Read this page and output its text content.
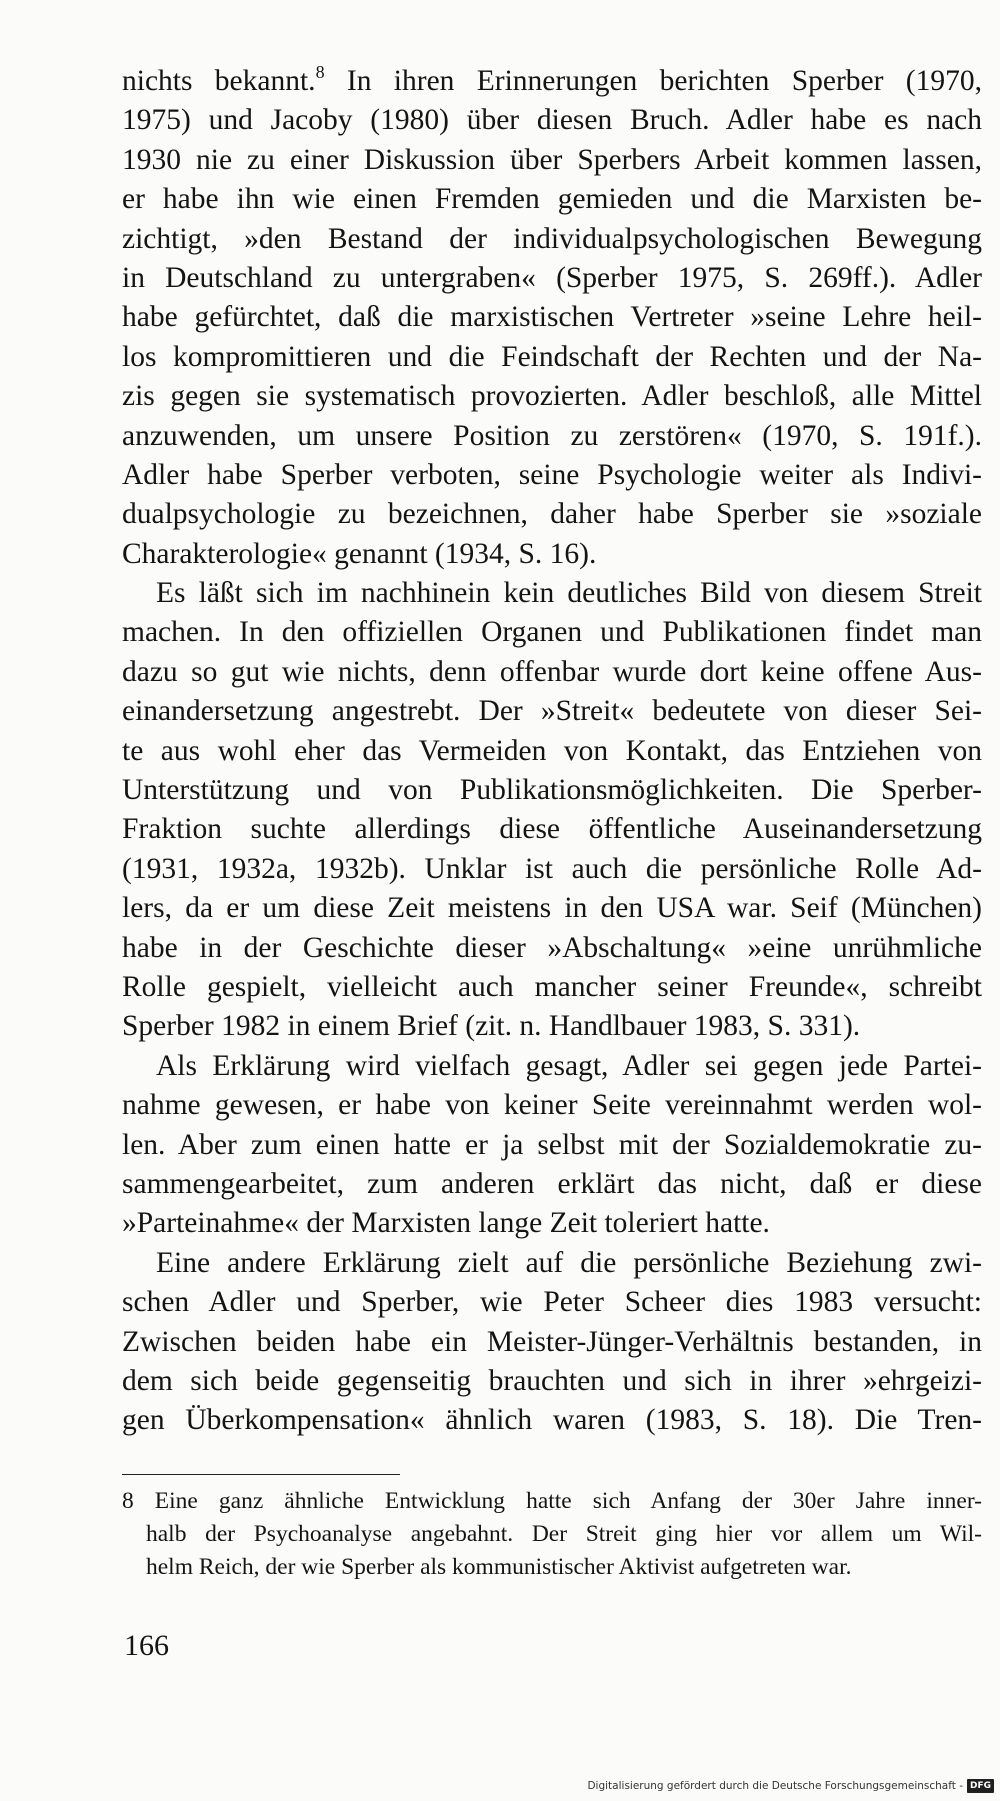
nichts bekannt.$^8$ In ihren Erinnerungen berichten Sperber (1970,
1975) und Jacoby (1980) über diesen Bruch. Adler habe es nach
1930 nie zu einer Diskussion über Sperbers Arbeit kommen lassen,
er habe ihn wie einen Fremden gemieden und die Marxisten be-
zichtigt, »den Bestand der individualpsychologischen Bewegung
in Deutschland zu untergraben« (Sperber 1975, S. 269ff.). Adler
habe gefürchtet, daß die marxistischen Vertreter »seine Lehre heil-
los kompromittieren und die Feindschaft der Rechten und der Na-
zis gegen sie systematisch provozierten. Adler beschloß, alle Mittel
anzuwenden, um unsere Position zu zerstören« (1970, S. 191f.).
Adler habe Sperber verboten, seine Psychologie weiter als Indivi-
dualpsychologie zu bezeichnen, daher habe Sperber sie »soziale
Charakterologie« genannt (1934, S. 16).
Es läßt sich im nachhinein kein deutliches Bild von diesem Streit
machen. In den offiziellen Organen und Publikationen findet man
dazu so gut wie nichts, denn offenbar wurde dort keine offene Aus-
einandersetzung angestrebt. Der »Streit« bedeutete von dieser Sei-
te aus wohl eher das Vermeiden von Kontakt, das Entziehen von
Unterstützung und von Publikationsmöglichkeiten. Die Sperber-
Fraktion suchte allerdings diese öffentliche Auseinandersetzung
(1931, 1932a, 1932b). Unklar ist auch die persönliche Rolle Ad-
lers, da er um diese Zeit meistens in den USA war. Seif (München)
habe in der Geschichte dieser »Abschaltung« »eine unrühmliche
Rolle gespielt, vielleicht auch mancher seiner Freunde«, schreibt
Sperber 1982 in einem Brief (zit. n. Handlbauer 1983, S. 331).
Als Erklärung wird vielfach gesagt, Adler sei gegen jede Partei-
nahme gewesen, er habe von keiner Seite vereinnahmt werden wol-
len. Aber zum einen hatte er ja selbst mit der Sozialdemokratie zu-
sammengearbeitet, zum anderen erklärt das nicht, daß er diese
»Parteinahme« der Marxisten lange Zeit toleriert hatte.
Eine andere Erklärung zielt auf die persönliche Beziehung zwi-
schen Adler und Sperber, wie Peter Scheer dies 1983 versucht:
Zwischen beiden habe ein Meister-Jünger-Verhältnis bestanden, in
dem sich beide gegenseitig brauchten und sich in ihrer »ehrgeizi-
gen Überkompensation« ähnlich waren (1983, S. 18). Die Tren-
8 Eine ganz ähnliche Entwicklung hatte sich Anfang der 30er Jahre inner-
halb der Psychoanalyse angebahnt. Der Streit ging hier vor allem um Wil-
helm Reich, der wie Sperber als kommunistischer Aktivist aufgetreten war.
166
Digitalisierung gefördert durch die Deutsche Forschungsgemeinschaft - DFG
